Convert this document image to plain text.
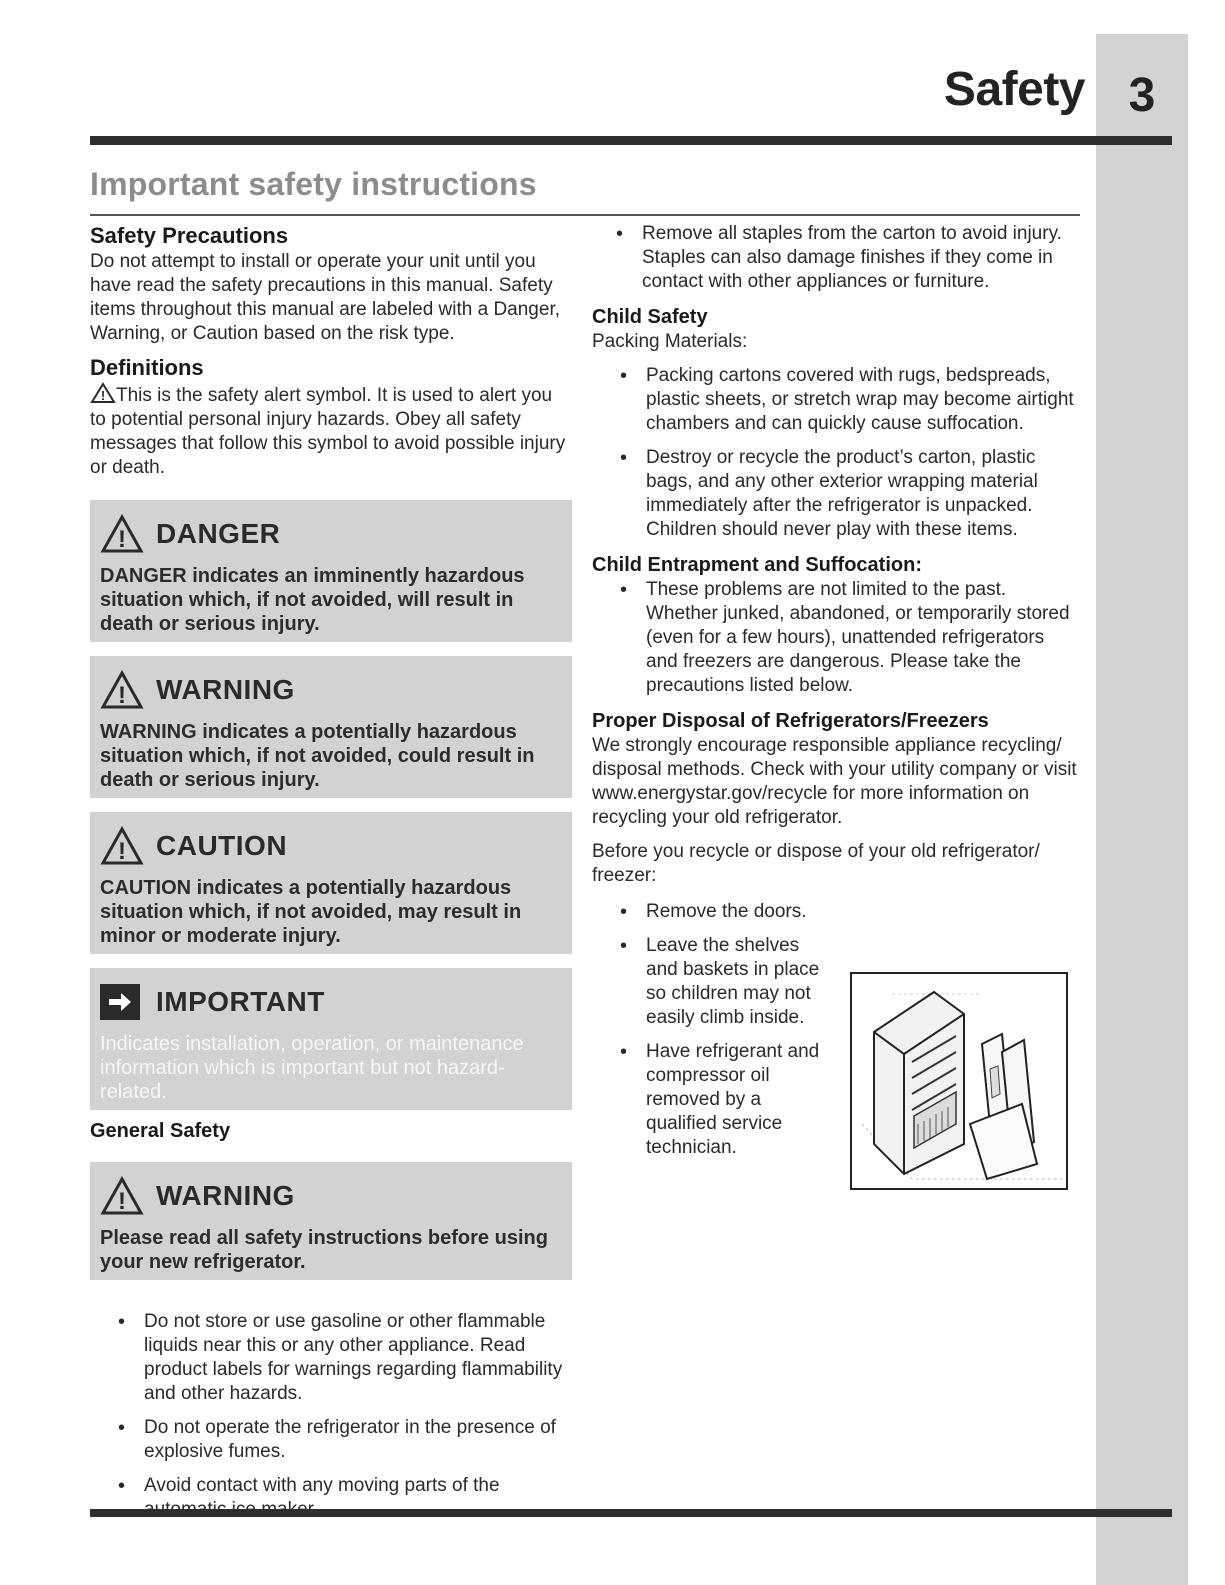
Safety 3
Important safety instructions
Safety Precautions

Do not attempt to install or operate your unit until you have read the safety precautions in this manual. Safety items throughout this manual are labeled with a Danger, Warning, or Caution based on the risk type.

Definitions

! This is the safety alert symbol. It is used to alert you to potential personal injury hazards. Obey all safety messages that follow this symbol to avoid possible injury or death.

! DANGER
DANGER indicates an imminently hazardous situation which, if not avoided, will result in death or serious injury.
! WARNING
WARNING indicates a potentially hazardous situation which, if not avoided, could result in death or serious injury.
! CAUTION
CAUTION indicates a potentially hazardous situation which, if not avoided, may result in minor or moderate injury.
IMPORTANT
Indicates installation, operation, or maintenance information which is important but not hazard-related.
General Safety
! WARNING
Please read all safety instructions before using your new refrigerator.
• Do not store or use gasoline or other flammable liquids near this or any other appliance. Read product labels for warnings regarding flammability and other hazards.
• Do not operate the refrigerator in the presence of explosive fumes.
• Avoid contact with any moving parts of the
• Remove all staples from the carton to avoid injury. Staples can also damage finishes if they come in contact with other appliances or furniture.
Child Safety

Packing Materials:

• Packing cartons covered with rugs, bedspreads, plastic sheets, or stretch wrap may become airtight chambers and can quickly cause suffocation.
• Destroy or recycle the product’s carton, plastic bags, and any other exterior wrapping material immediately after the refrigerator is unpacked. Children should never play with these items.
Child Entrapment and Suffocation:
• These problems are not limited to the past. Whether junked, abandoned, or temporarily stored (even for a few hours), unattended refrigerators and freezers are dangerous. Please take the precautions listed below.
Proper Disposal of Refrigerators/Freezers

We strongly encourage responsible appliance recycling/ disposal methods. Check with your utility company or visit www.energystar.gov/recycle for more information on recycling your old refrigerator.

Before you recycle or dispose of your old refrigerator/ freezer:

• Remove the doors.
• Leave the shelves and baskets in place so children may not easily climb inside.
• Have refrigerant and compressor oil removed by a qualified service technician.
